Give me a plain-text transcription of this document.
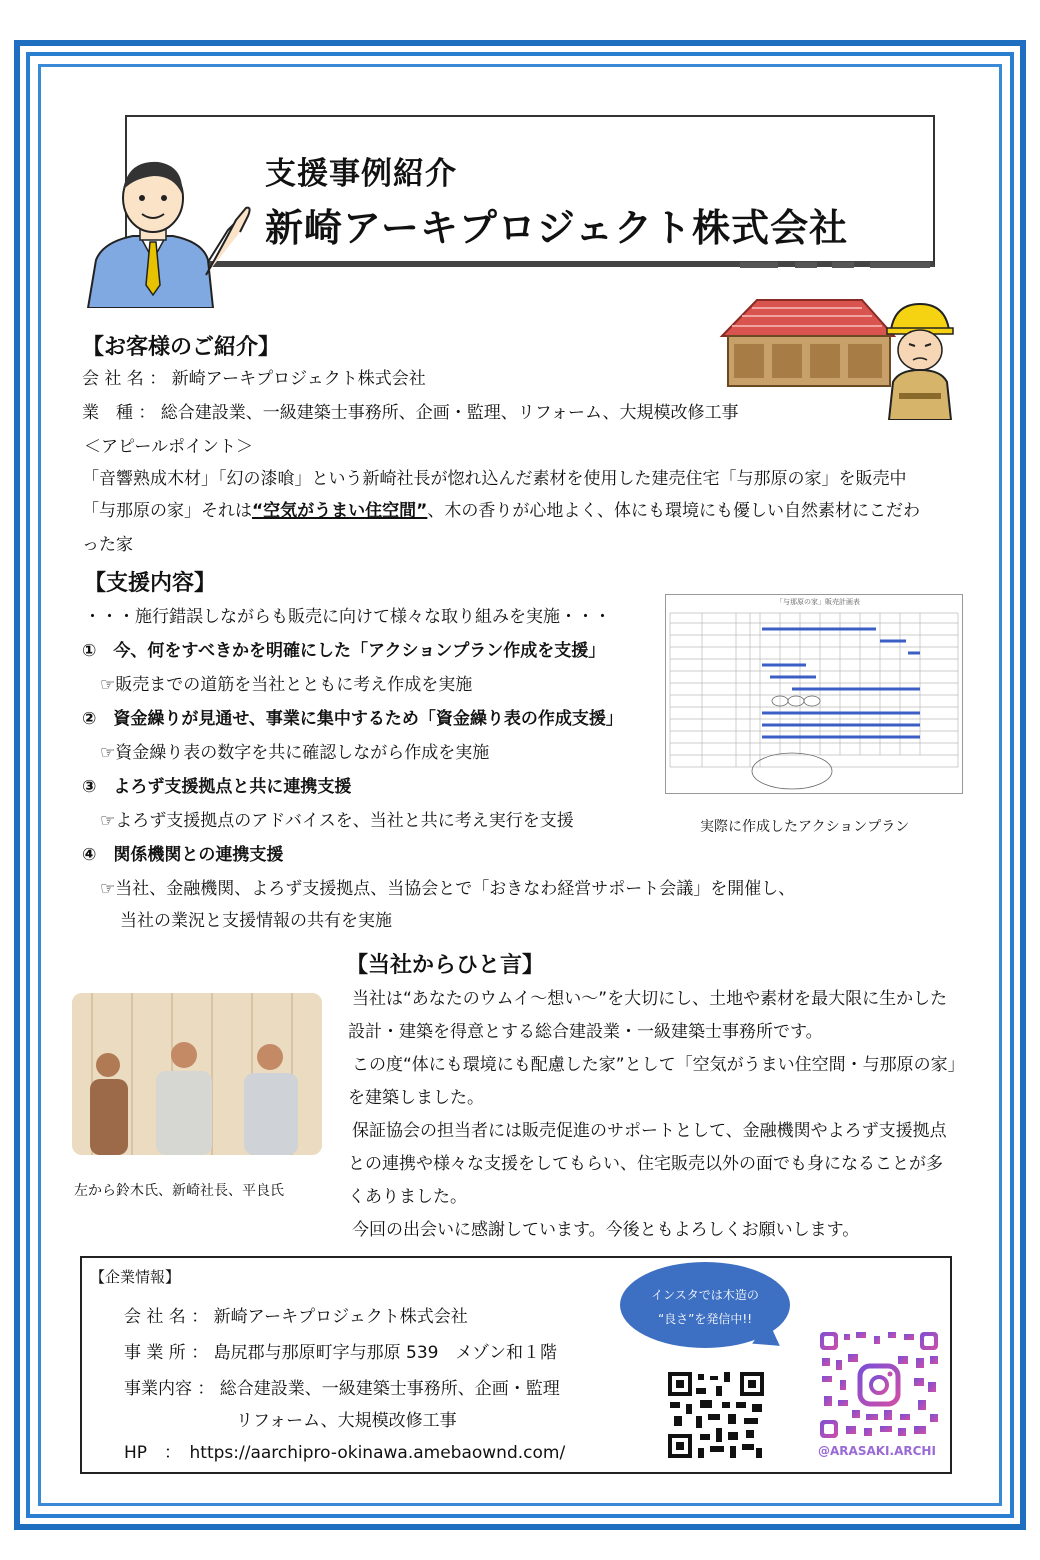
支援事例紹介
新崎アーキプロジェクト株式会社
【お客様のご紹介】
会 社 名 ： 新崎アーキプロジェクト株式会社
業　種 ： 総合建設業、一級建築士事務所、企画・監理、リフォーム、大規模改修工事
＜アピールポイント＞
「音響熟成木材」「幻の漆喰」という新崎社長が惚れ込んだ素材を使用した建売住宅「与那原の家」を販売中
「与那原の家」それは“空気がうまい住空間”、木の香りが心地よく、体にも環境にも優しい自然素材にこだわ
った家
【支援内容】
・・・施行錯誤しながらも販売に向けて様々な取り組みを実施・・・
①　今、何をすべきかを明確にした「アクションプラン作成を支援」
☞販売までの道筋を当社とともに考え作成を実施
②　資金繰りが見通せ、事業に集中するため「資金繰り表の作成支援」
☞資金繰り表の数字を共に確認しながら作成を実施
③　よろず支援拠点と共に連携支援
☞よろず支援拠点のアドバイスを、当社と共に考え実行を支援
④　関係機関との連携支援
☞当社、金融機関、よろず支援拠点、当協会とで「おきなわ経営サポート会議」を開催し、
当社の業況と支援情報の共有を実施
「与那原の家」販売計画表
実際に作成したアクションプラン
【当社からひと言】
当社は“あなたのウムイ～想い～”を大切にし、土地や素材を最大限に生かした
設計・建築を得意とする総合建設業・一級建築士事務所です。
この度“体にも環境にも配慮した家”として「空気がうまい住空間・与那原の家」
を建築しました。
保証協会の担当者には販売促進のサポートとして、金融機関やよろず支援拠点
との連携や様々な支援をしてもらい、住宅販売以外の面でも身になることが多
くありました。
今回の出会いに感謝しています。今後ともよろしくお願いします。
左から鈴木氏、新崎社長、平良氏
【企業情報】
会 社 名 ： 新崎アーキプロジェクト株式会社
事 業 所 ： 島尻郡与那原町字与那原 539　メゾン和１階
事業内容 ： 総合建設業、一級建築士事務所、企画・監理
リフォーム、大規模改修工事
HP　：　https://aarchipro-okinawa.amebaownd.com/
インスタでは木造の
“良さ”を発信中!!
@ARASAKI.ARCHI
